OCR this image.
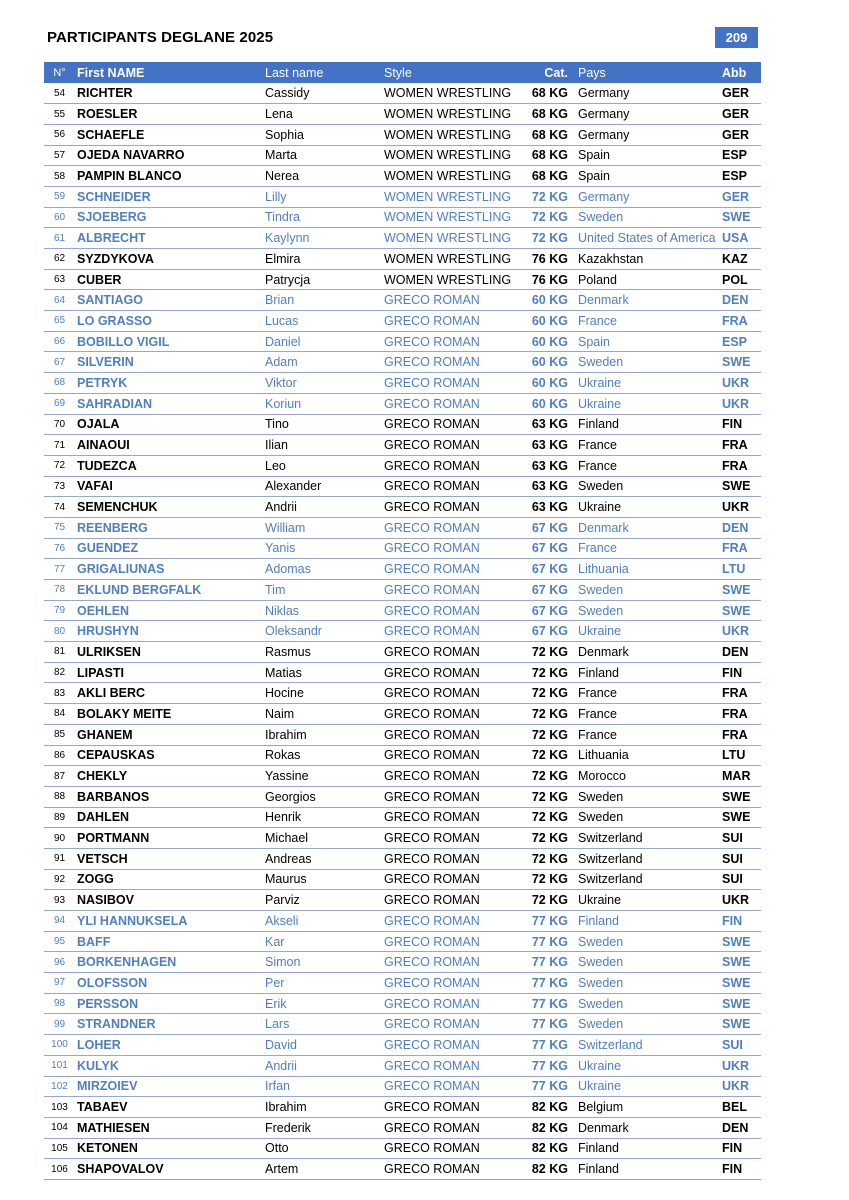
PARTICIPANTS DEGLANE 2025	209
N°	First NAME	Last name	Style	Cat.	Pays	Abb
54	RICHTER	Cassidy	WOMEN WRESTLING	68 KG	Germany	GER
55	ROESLER	Lena	WOMEN WRESTLING	68 KG	Germany	GER
56	SCHAEFLE	Sophia	WOMEN WRESTLING	68 KG	Germany	GER
57	OJEDA NAVARRO	Marta	WOMEN WRESTLING	68 KG	Spain	ESP
58	PAMPIN BLANCO	Nerea	WOMEN WRESTLING	68 KG	Spain	ESP
59	SCHNEIDER	Lilly	WOMEN WRESTLING	72 KG	Germany	GER
60	SJOEBERG	Tindra	WOMEN WRESTLING	72 KG	Sweden	SWE
61	ALBRECHT	Kaylynn	WOMEN WRESTLING	72 KG	United States of America	USA
62	SYZDYKOVA	Elmira	WOMEN WRESTLING	76 KG	Kazakhstan	KAZ
63	CUBER	Patrycja	WOMEN WRESTLING	76 KG	Poland	POL
64	SANTIAGO	Brian	GRECO ROMAN	60 KG	Denmark	DEN
65	LO GRASSO	Lucas	GRECO ROMAN	60 KG	France	FRA
66	BOBILLO VIGIL	Daniel	GRECO ROMAN	60 KG	Spain	ESP
67	SILVERIN	Adam	GRECO ROMAN	60 KG	Sweden	SWE
68	PETRYK	Viktor	GRECO ROMAN	60 KG	Ukraine	UKR
69	SAHRADIAN	Koriun	GRECO ROMAN	60 KG	Ukraine	UKR
70	OJALA	Tino	GRECO ROMAN	63 KG	Finland	FIN
71	AINAOUI	Ilian	GRECO ROMAN	63 KG	France	FRA
72	TUDEZCA	Leo	GRECO ROMAN	63 KG	France	FRA
73	VAFAI	Alexander	GRECO ROMAN	63 KG	Sweden	SWE
74	SEMENCHUK	Andrii	GRECO ROMAN	63 KG	Ukraine	UKR
75	REENBERG	William	GRECO ROMAN	67 KG	Denmark	DEN
76	GUENDEZ	Yanis	GRECO ROMAN	67 KG	France	FRA
77	GRIGALIUNAS	Adomas	GRECO ROMAN	67 KG	Lithuania	LTU
78	EKLUND BERGFALK	Tim	GRECO ROMAN	67 KG	Sweden	SWE
79	OEHLEN	Niklas	GRECO ROMAN	67 KG	Sweden	SWE
80	HRUSHYN	Oleksandr	GRECO ROMAN	67 KG	Ukraine	UKR
81	ULRIKSEN	Rasmus	GRECO ROMAN	72 KG	Denmark	DEN
82	LIPASTI	Matias	GRECO ROMAN	72 KG	Finland	FIN
83	AKLI BERC	Hocine	GRECO ROMAN	72 KG	France	FRA
84	BOLAKY MEITE	Naim	GRECO ROMAN	72 KG	France	FRA
85	GHANEM	Ibrahim	GRECO ROMAN	72 KG	France	FRA
86	CEPAUSKAS	Rokas	GRECO ROMAN	72 KG	Lithuania	LTU
87	CHEKLY	Yassine	GRECO ROMAN	72 KG	Morocco	MAR
88	BARBANOS	Georgios	GRECO ROMAN	72 KG	Sweden	SWE
89	DAHLEN	Henrik	GRECO ROMAN	72 KG	Sweden	SWE
90	PORTMANN	Michael	GRECO ROMAN	72 KG	Switzerland	SUI
91	VETSCH	Andreas	GRECO ROMAN	72 KG	Switzerland	SUI
92	ZOGG	Maurus	GRECO ROMAN	72 KG	Switzerland	SUI
93	NASIBOV	Parviz	GRECO ROMAN	72 KG	Ukraine	UKR
94	YLI HANNUKSELA	Akseli	GRECO ROMAN	77 KG	Finland	FIN
95	BAFF	Kar	GRECO ROMAN	77 KG	Sweden	SWE
96	BORKENHAGEN	Simon	GRECO ROMAN	77 KG	Sweden	SWE
97	OLOFSSON	Per	GRECO ROMAN	77 KG	Sweden	SWE
98	PERSSON	Erik	GRECO ROMAN	77 KG	Sweden	SWE
99	STRANDNER	Lars	GRECO ROMAN	77 KG	Sweden	SWE
100	LOHER	David	GRECO ROMAN	77 KG	Switzerland	SUI
101	KULYK	Andrii	GRECO ROMAN	77 KG	Ukraine	UKR
102	MIRZOIEV	Irfan	GRECO ROMAN	77 KG	Ukraine	UKR
103	TABAEV	Ibrahim	GRECO ROMAN	82 KG	Belgium	BEL
104	MATHIESEN	Frederik	GRECO ROMAN	82 KG	Denmark	DEN
105	KETONEN	Otto	GRECO ROMAN	82 KG	Finland	FIN
106	SHAPOVALOV	Artem	GRECO ROMAN	82 KG	Finland	FIN
